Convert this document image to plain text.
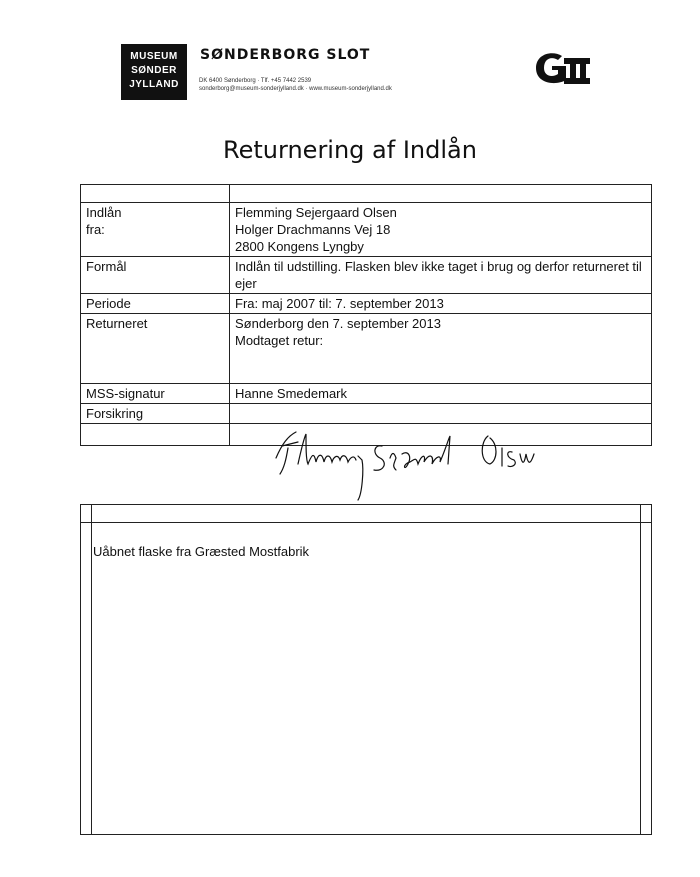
MUSEUM
SØNDER
JYLLAND
SØNDERBORG SLOT
DK 6400 Sønderborg · Tlf. +45 7442 2539
sonderborg@museum-sonderjylland.dk · www.museum-sonderjylland.dk
Returnering af Indlån

Indlån fra:	Flemming Sejergaard Olsen
Holger Drachmanns Vej 18
2800 Kongens Lyngby

Formål	Indlån til udstilling. Flasken blev ikke taget i brug og derfor returneret til ejer
Periode	Fra: maj 2007 til: 7. september 2013
Returneret	Sønderborg den 7. september 2013
Modtaget retur:

MSS-signatur	Hanne Smedemark
Forsikring	

Flemming Sejergaard Olsen
Uåbnet flaske fra Græsted Mostfabrik
